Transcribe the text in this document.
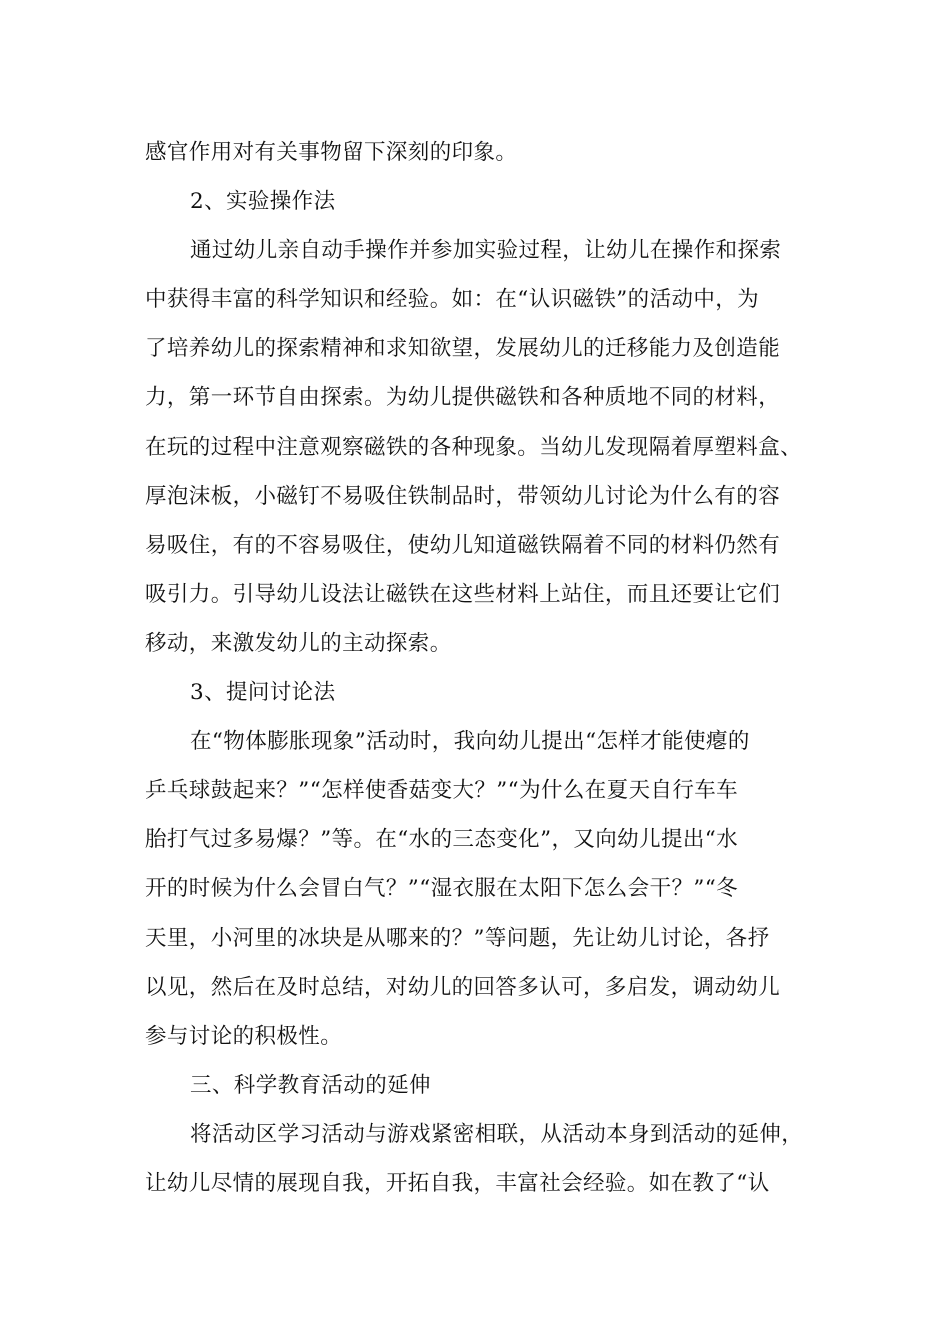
感官作用对有关事物留下深刻的印象。
2、实验操作法
通过幼儿亲自动手操作并参加实验过程，让幼儿在操作和探索
中获得丰富的科学知识和经验。如：在“认识磁铁”的活动中，为
了培养幼儿的探索精神和求知欲望，发展幼儿的迁移能力及创造能
力，第一环节自由探索。为幼儿提供磁铁和各种质地不同的材料，
在玩的过程中注意观察磁铁的各种现象。当幼儿发现隔着厚塑料盒、
厚泡沫板，小磁钉不易吸住铁制品时，带领幼儿讨论为什么有的容
易吸住，有的不容易吸住，使幼儿知道磁铁隔着不同的材料仍然有
吸引力。引导幼儿设法让磁铁在这些材料上站住，而且还要让它们
移动，来激发幼儿的主动探索。
3、提问讨论法
在“物体膨胀现象”活动时，我向幼儿提出“怎样才能使瘪的
乒乓球鼓起来？”“怎样使香菇变大？”“为什么在夏天自行车车
胎打气过多易爆？”等。在“水的三态变化”，又向幼儿提出“水
开的时候为什么会冒白气？”“湿衣服在太阳下怎么会干？”“冬
天里，小河里的冰块是从哪来的？”等问题，先让幼儿讨论，各抒
以见，然后在及时总结，对幼儿的回答多认可，多启发，调动幼儿
参与讨论的积极性。
三、科学教育活动的延伸
将活动区学习活动与游戏紧密相联，从活动本身到活动的延伸，
让幼儿尽情的展现自我，开拓自我，丰富社会经验。如在教了“认
